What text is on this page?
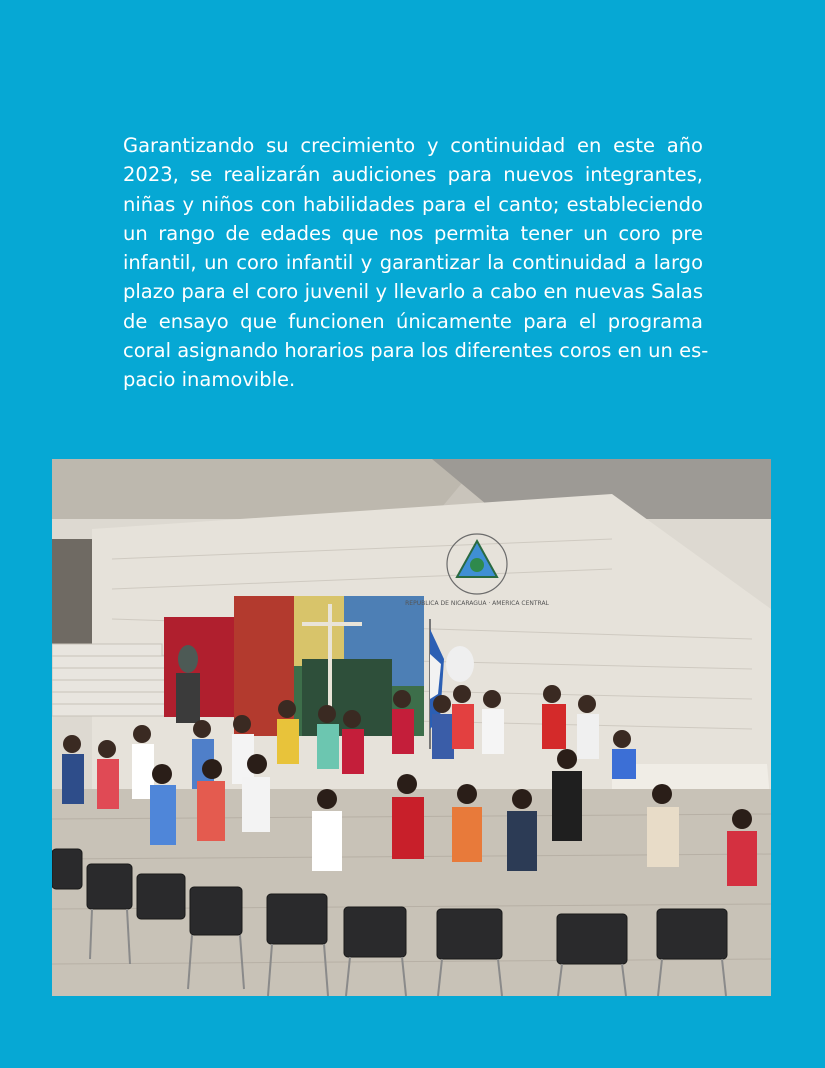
Garantizando su crecimiento y continuidad en este año
2023, se realizarán audiciones para nuevos integrantes,
niñas y niños con habilidades para el canto; estableciendo
un rango de edades que nos permita tener un coro pre
infantil, un coro infantil y garantizar la continuidad a largo
plazo para el coro juvenil y llevarlo a cabo en nuevas Salas
de ensayo que funcionen únicamente para el programa
coral asignando horarios para los diferentes coros en un es-
pacio inamovible.
REPUBLICA DE NICARAGUA · AMERICA CENTRAL
